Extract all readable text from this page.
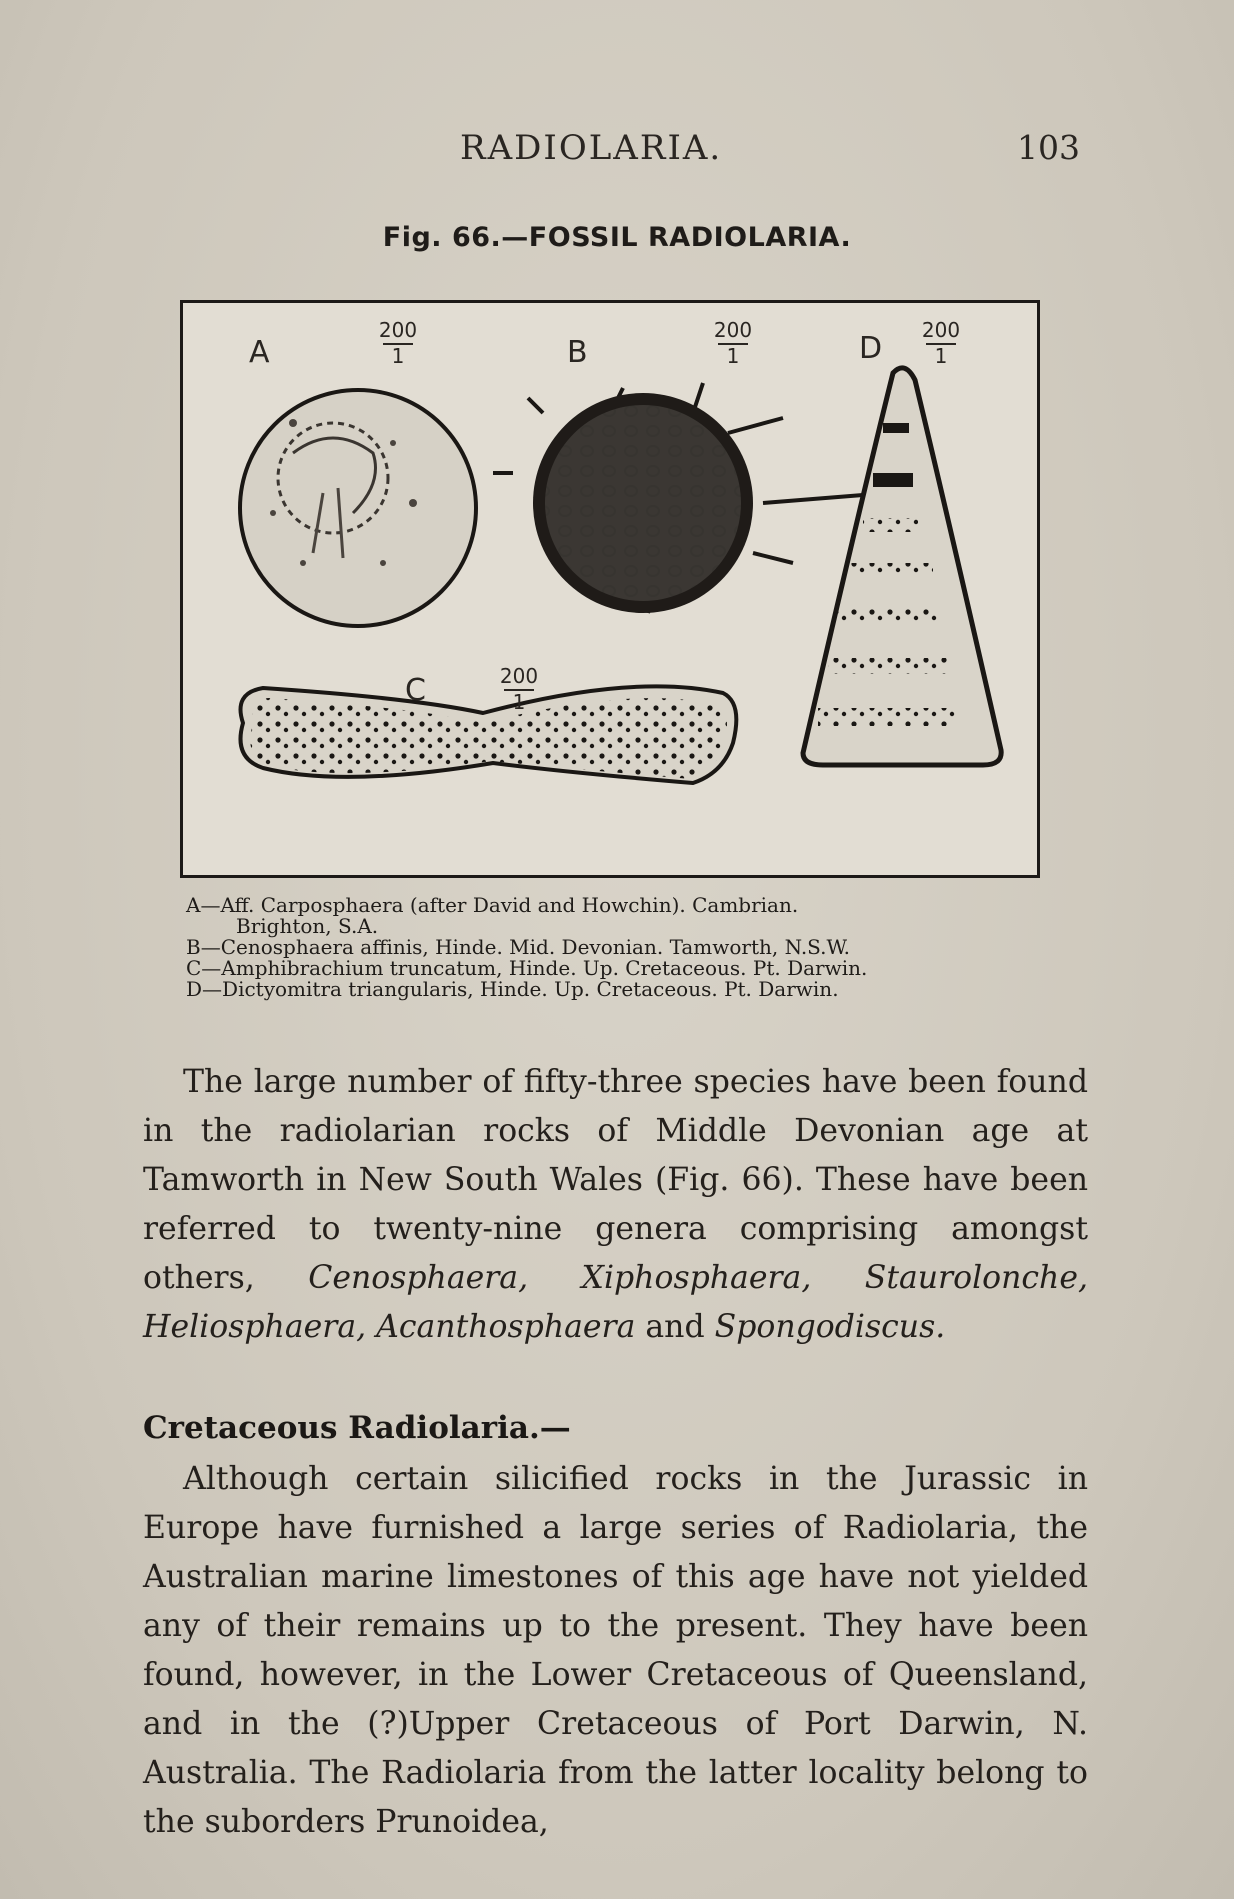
RADIOLARIA.	103
Fig. 66.—FOSSIL RADIOLARIA.
A	B	D
C
200
1
200
1
200
1
200
1
A—Aff. Carposphaera (after David and Howchin). Cambrian.
Brighton, S.A.
B—Cenosphaera affinis, Hinde. Mid. Devonian. Tamworth, N.S.W.
C—Amphibrachium truncatum, Hinde. Up. Cretaceous. Pt. Darwin.
D—Dictyomitra triangularis, Hinde. Up. Cretaceous. Pt. Darwin.
The large number of fifty-three species have been found in the radiolarian rocks of Middle Devonian age at Tamworth in New South Wales (Fig. 66). These have been referred to twenty-nine genera comprising amongst others, Cenosphaera, Xiphosphaera, Staurolonche, Heliosphaera, Acanthosphaera and Spongodiscus.
Cretaceous Radiolaria.—
Although certain silicified rocks in the Jurassic in Europe have furnished a large series of Radiolaria, the Australian marine limestones of this age have not yielded any of their remains up to the present. They have been found, however, in the Lower Cretaceous of Queensland, and in the (?)Upper Cretaceous of Port Darwin, N. Australia. The Radiolaria from the latter locality belong to the suborders Prunoidea,
